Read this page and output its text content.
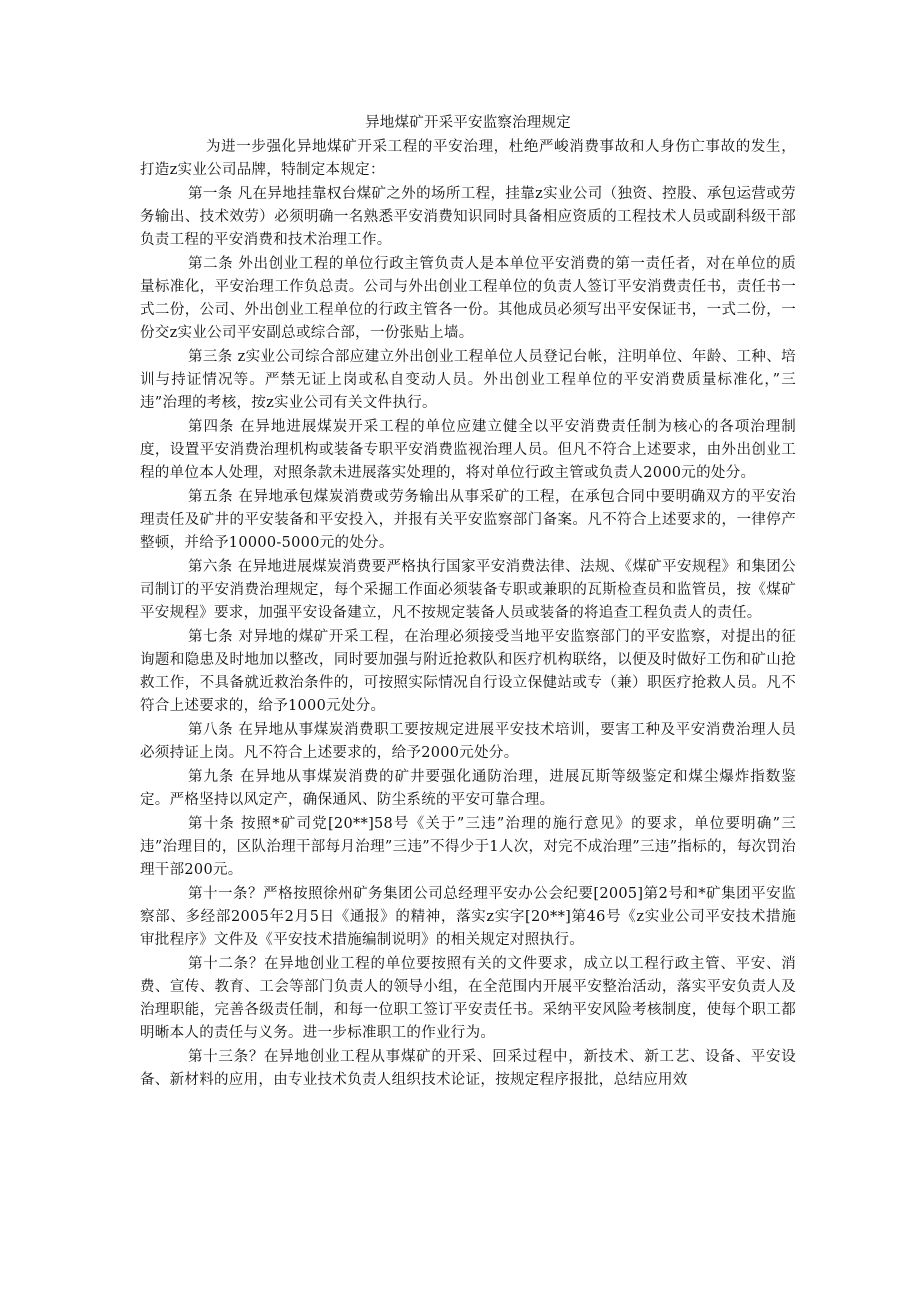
异地煤矿开采平安监察治理规定

为进一步强化异地煤矿开采工程的平安治理，杜绝严峻消费事故和人身伤亡事故的发生，打造z实业公司品牌，特制定本规定：

第一条 凡在异地挂靠权台煤矿之外的场所工程，挂靠z实业公司（独资、控股、承包运营或劳务输出、技术效劳）必须明确一名熟悉平安消费知识同时具备相应资质的工程技术人员或副科级干部负责工程的平安消费和技术治理工作。

第二条 外出创业工程的单位行政主管负责人是本单位平安消费的第一责任者，对在单位的质量标准化，平安治理工作负总责。公司与外出创业工程单位的负责人签订平安消费责任书，责任书一式二份，公司、外出创业工程单位的行政主管各一份。其他成员必须写出平安保证书，一式二份，一份交z实业公司平安副总或综合部，一份张贴上墙。

第三条 z实业公司综合部应建立外出创业工程单位人员登记台帐，注明单位、年龄、工种、培训与持证情况等。严禁无证上岗或私自变动人员。外出创业工程单位的平安消费质量标准化，”三违”治理的考核，按z实业公司有关文件执行。

第四条 在异地进展煤炭开采工程的单位应建立健全以平安消费责任制为核心的各项治理制度，设置平安消费治理机构或装备专职平安消费监视治理人员。但凡不符合上述要求，由外出创业工程的单位本人处理，对照条款未进展落实处理的，将对单位行政主管或负责人2000元的处分。

第五条 在异地承包煤炭消费或劳务输出从事采矿的工程，在承包合同中要明确双方的平安治理责任及矿井的平安装备和平安投入，并报有关平安监察部门备案。凡不符合上述要求的，一律停产整顿，并给予10000-5000元的处分。

第六条 在异地进展煤炭消费要严格执行国家平安消费法律、法规、《煤矿平安规程》和集团公司制订的平安消费治理规定，每个采掘工作面必须装备专职或兼职的瓦斯检查员和监管员，按《煤矿平安规程》要求，加强平安设备建立，凡不按规定装备人员或装备的将追查工程负责人的责任。

第七条 对异地的煤矿开采工程，在治理必须接受当地平安监察部门的平安监察，对提出的征询题和隐患及时地加以整改，同时要加强与附近抢救队和医疗机构联络，以便及时做好工伤和矿山抢救工作，不具备就近救治条件的，可按照实际情况自行设立保健站或专（兼）职医疗抢救人员。凡不符合上述要求的，给予1000元处分。

第八条 在异地从事煤炭消费职工要按规定进展平安技术培训，要害工种及平安消费治理人员必须持证上岗。凡不符合上述要求的，给予2000元处分。

第九条 在异地从事煤炭消费的矿井要强化通防治理，进展瓦斯等级鉴定和煤尘爆炸指数鉴定。严格坚持以风定产，确保通风、防尘系统的平安可靠合理。

第十条 按照*矿司党[20**]58号《关于”三违”治理的施行意见》的要求，单位要明确”三违”治理目的，区队治理干部每月治理”三违”不得少于1人次，对完不成治理”三违”指标的，每次罚治理干部200元。

第十一条？严格按照徐州矿务集团公司总经理平安办公会纪要[2005]第2号和*矿集团平安监察部、多经部2005年2月5日《通报》的精神，落实z实字[20**]第46号《z实业公司平安技术措施审批程序》文件及《平安技术措施编制说明》的相关规定对照执行。

第十二条？在异地创业工程的单位要按照有关的文件要求，成立以工程行政主管、平安、消费、宣传、教育、工会等部门负责人的领导小组，在全范围内开展平安整治活动，落实平安负责人及治理职能，完善各级责任制，和每一位职工签订平安责任书。采纳平安风险考核制度，使每个职工都明晰本人的责任与义务。进一步标准职工的作业行为。

第十三条？在异地创业工程从事煤矿的开采、回采过程中，新技术、新工艺、设备、平安设备、新材料的应用，由专业技术负责人组织技术论证，按规定程序报批，总结应用效
